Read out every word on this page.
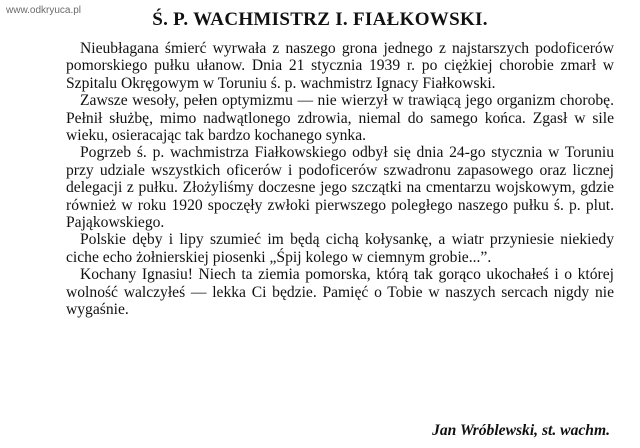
www.odkryuca.pl	Ś. P. WACHMISTRZ I. FIAŁKOWSKI.

Nieubłagana śmierć wyrwała z naszego grona jednego z najstarszych podoficerów pomorskiego pułku ułanow. Dnia 21 stycznia 1939 r. po ciężkiej chorobie zmarł w Szpitalu Okręgowym w Toruniu ś. p. wachmistrz Ignacy Fiałkowski.

Zawsze wesoły, pełen optymizmu — nie wierzył w trawiącą jego organizm chorobę. Pełnił służbę, mimo nadwątlonego zdrowia, niemal do samego końca. Zgasł w sile wieku, osieracając tak bardzo kochanego synka.

Pogrzeb ś. p. wachmistrza Fiałkowskiego odbył się dnia 24-go stycznia w Toruniu przy udziale wszystkich oficerów i podoficerów szwadronu zapasowego oraz licznej delegacji z pułku. Złożyliśmy doczesne jego szczątki na cmentarzu wojskowym, gdzie również w roku 1920 spoczęły zwłoki pierwszego poległego naszego pułku ś. p. plut. Pająkowskiego.

Polskie dęby i lipy szumieć im będą cichą kołysankę, a wiatr przyniesie niekiedy ciche echo żołnierskiej piosenki „Śpij kolego w ciemnym grobie...”.

Kochany Ignasiu! Niech ta ziemia pomorska, którą tak gorąco ukochałeś i o której wolność walczyłeś — lekka Ci będzie. Pamięć o Tobie w naszych sercach nigdy nie wygaśnie.

Jan Wróblewski, st. wachm.
